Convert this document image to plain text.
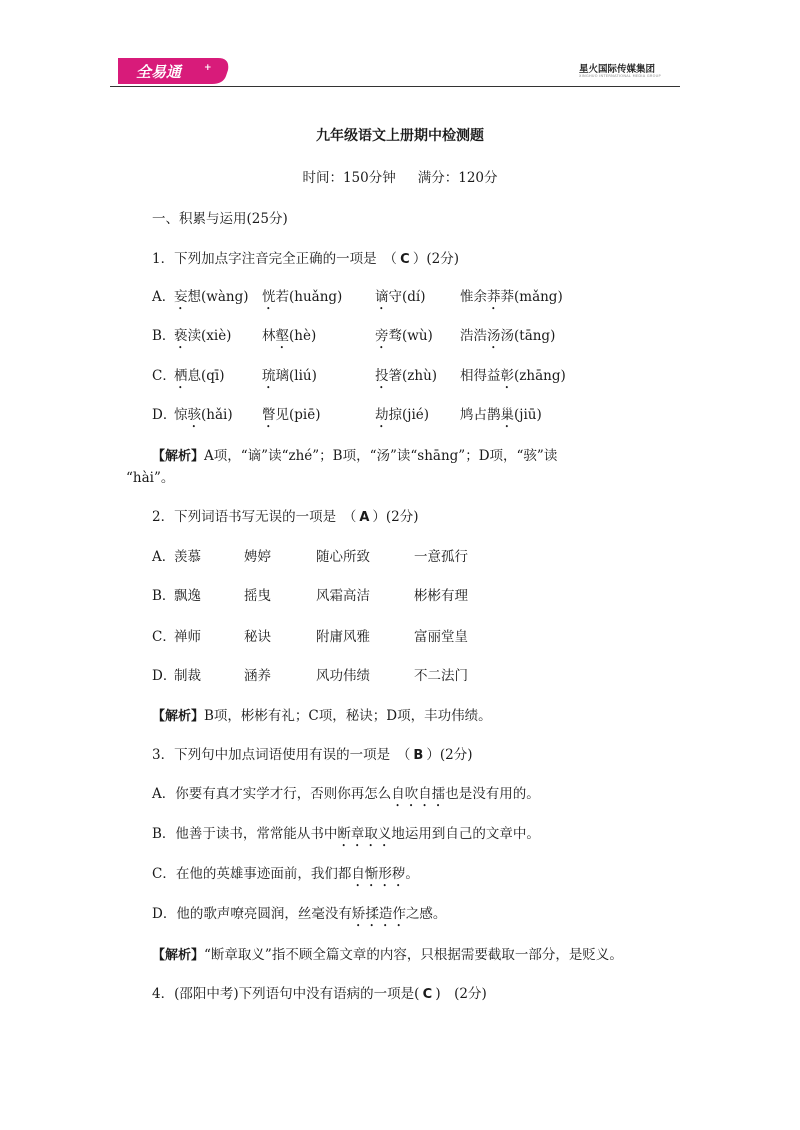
全易通	+	星火国际传媒集团
XINGHUO INTERNATIONAL MEDIA GROUP
九年级语文上册期中检测题
时间：150分钟 满分：120分
一、积累与运用(25分)
1．下列加点字注音完全正确的一项是　 （ C ）(2分)
A．
妄想(wàng) 恍若(huǎng) 谪守(dí)	惟余莽莽(mǎng)
B．
亵渎(xiè) 林壑(hè)	旁骛(wù) 浩浩汤汤(tāng)
C．
栖息(qī)	琉璃(liú)	投箸(zhù) 相得益彰(zhāng)
D．
惊骇(hǎi) 瞥见(piē)	劫掠(jié) 鸠占鹊巢(jiū)
【解析】A项，“谪”读“zhé”；B项，“汤”读“shāng”；D项，“骇”读
“hài”。
2．下列词语书写无误的一项是　 （ A ）(2分)
A．
羡慕	娉婷	随心所致	一意孤行
B．
飘逸	摇曳	风霜高洁	彬彬有理
C．
禅师	秘诀	附庸风雅	富丽堂皇
D．
制裁	涵养	风功伟绩	不二法门
【解析】B项，彬彬有礼；C项，秘诀；D项，丰功伟绩。
3．下列句中加点词语使用有误的一项是　 （ B ）(2分)
A．你要有真才实学才行，否则你再怎么自吹自擂也是没有用的。
B．他善于读书，常常能从书中断章取义地运用到自己的文章中。
C．在他的英雄事迹面前，我们都自惭形秽。
D．他的歌声嘹亮圆润，丝毫没有矫揉造作之感。
【解析】“断章取义”指不顾全篇文章的内容，只根据需要截取一部分，是贬义。
4．(邵阳中考)下列语句中没有语病的一项是( C )　(2分)
